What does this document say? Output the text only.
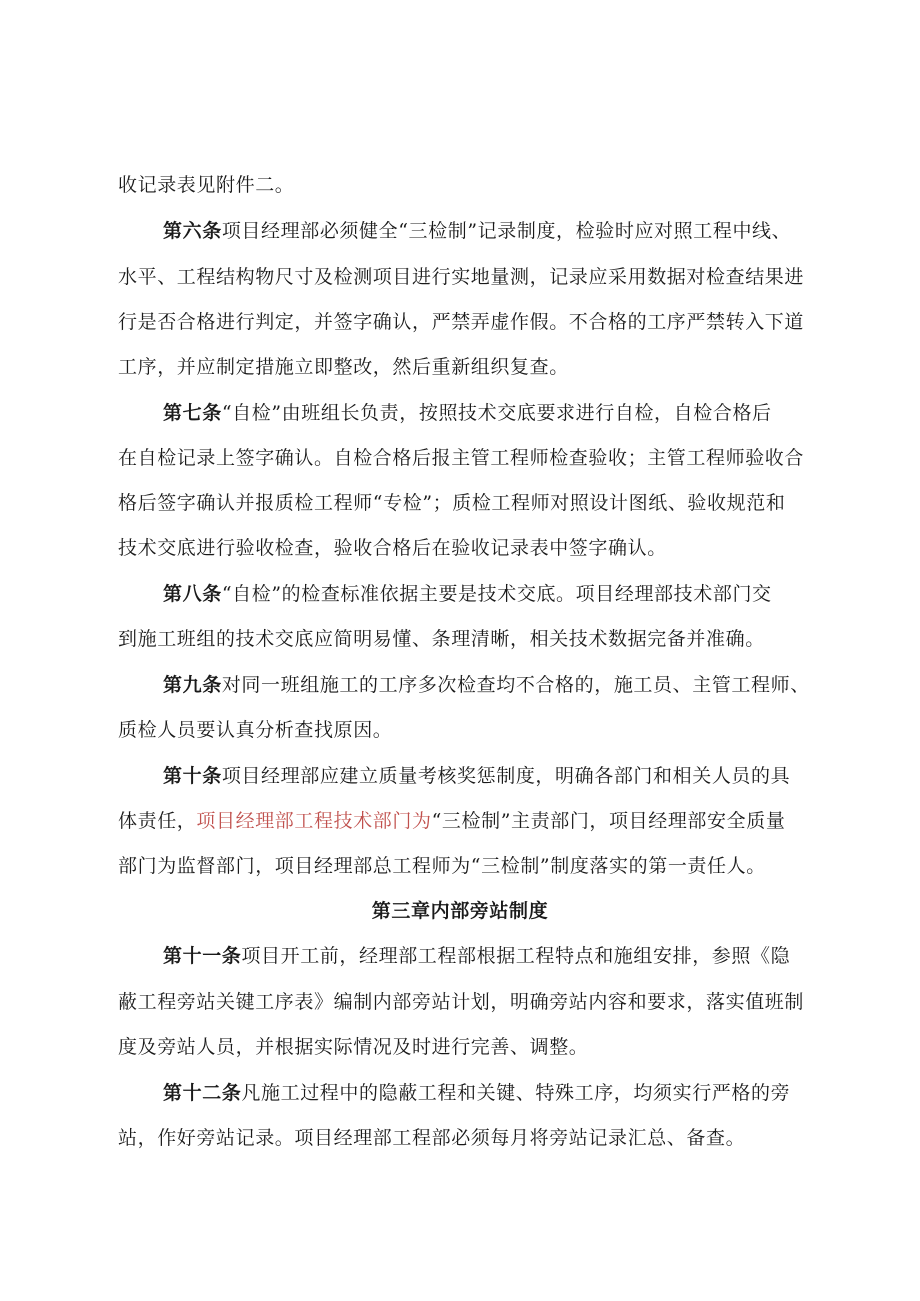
收记录表见附件二。
第六条项目经理部必须健全“三检制”记录制度，检验时应对照工程中线、
水平、工程结构物尺寸及检测项目进行实地量测，记录应采用数据对检查结果进
行是否合格进行判定，并签字确认，严禁弄虚作假。不合格的工序严禁转入下道
工序，并应制定措施立即整改，然后重新组织复查。
第七条“自检”由班组长负责，按照技术交底要求进行自检，自检合格后
在自检记录上签字确认。自检合格后报主管工程师检查验收；主管工程师验收合
格后签字确认并报质检工程师“专检”；质检工程师对照设计图纸、验收规范和
技术交底进行验收检查，验收合格后在验收记录表中签字确认。
第八条“自检”的检查标准依据主要是技术交底。项目经理部技术部门交
到施工班组的技术交底应简明易懂、条理清晰，相关技术数据完备并准确。
第九条对同一班组施工的工序多次检查均不合格的，施工员、主管工程师、
质检人员要认真分析查找原因。
第十条项目经理部应建立质量考核奖惩制度，明确各部门和相关人员的具
体责任，项目经理部工程技术部门为“三检制”主责部门，项目经理部安全质量
部门为监督部门，项目经理部总工程师为“三检制”制度落实的第一责任人。
第三章内部旁站制度
第十一条项目开工前，经理部工程部根据工程特点和施组安排，参照《隐
蔽工程旁站关键工序表》编制内部旁站计划，明确旁站内容和要求，落实值班制
度及旁站人员，并根据实际情况及时进行完善、调整。
第十二条凡施工过程中的隐蔽工程和关键、特殊工序，均须实行严格的旁
站，作好旁站记录。项目经理部工程部必须每月将旁站记录汇总、备查。
